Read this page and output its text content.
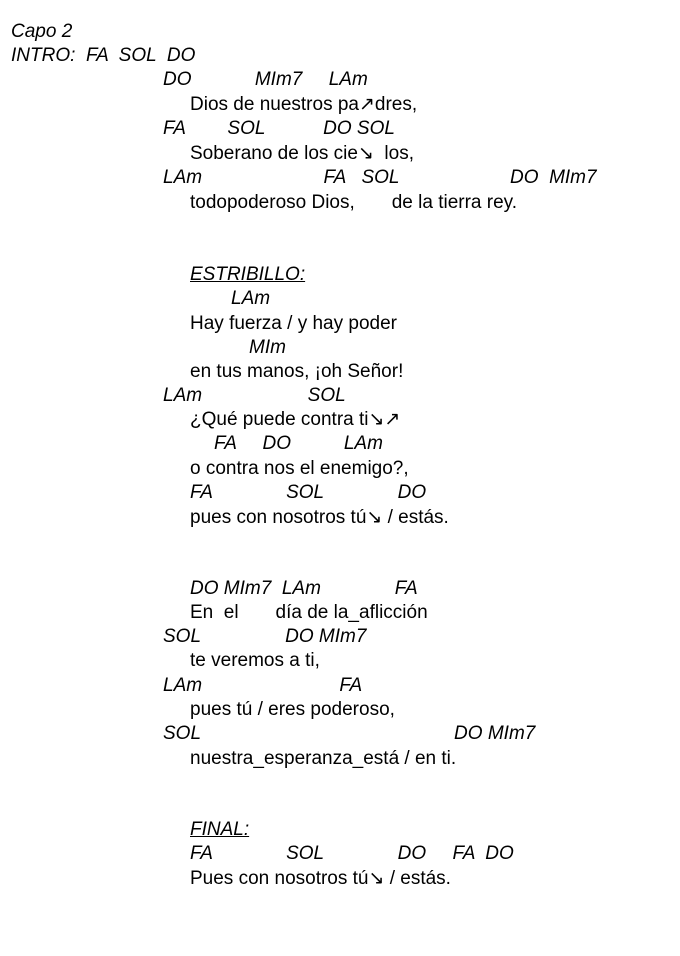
Capo 2
INTRO:  FA  SOL  DO
DO            MIm7     LAm
Dios de nuestros pa↗dres,
FA        SOL           DO SOL
Soberano de los cie↘  los,
LAm                       FA   SOL                     DO  MIm7
todopoderoso Dios,       de la tierra rey.
ESTRIBILLO:
LAm
Hay fuerza / y hay poder
MIm
en tus manos, ¡oh Señor!
LAm                    SOL
¿Qué puede contra ti↘↗
FA     DO          LAm
o contra nos el enemigo?,
FA              SOL              DO
pues con nosotros tú↘ / estás.
DO MIm7  LAm              FA
En  el       día de la_aflicción
SOL                DO MIm7
te veremos a ti,
LAm                          FA
pues tú / eres poderoso,
SOL                                                DO MIm7
nuestra_esperanza_está / en ti.
FINAL:
FA              SOL              DO     FA  DO
Pues con nosotros tú↘ / estás.
